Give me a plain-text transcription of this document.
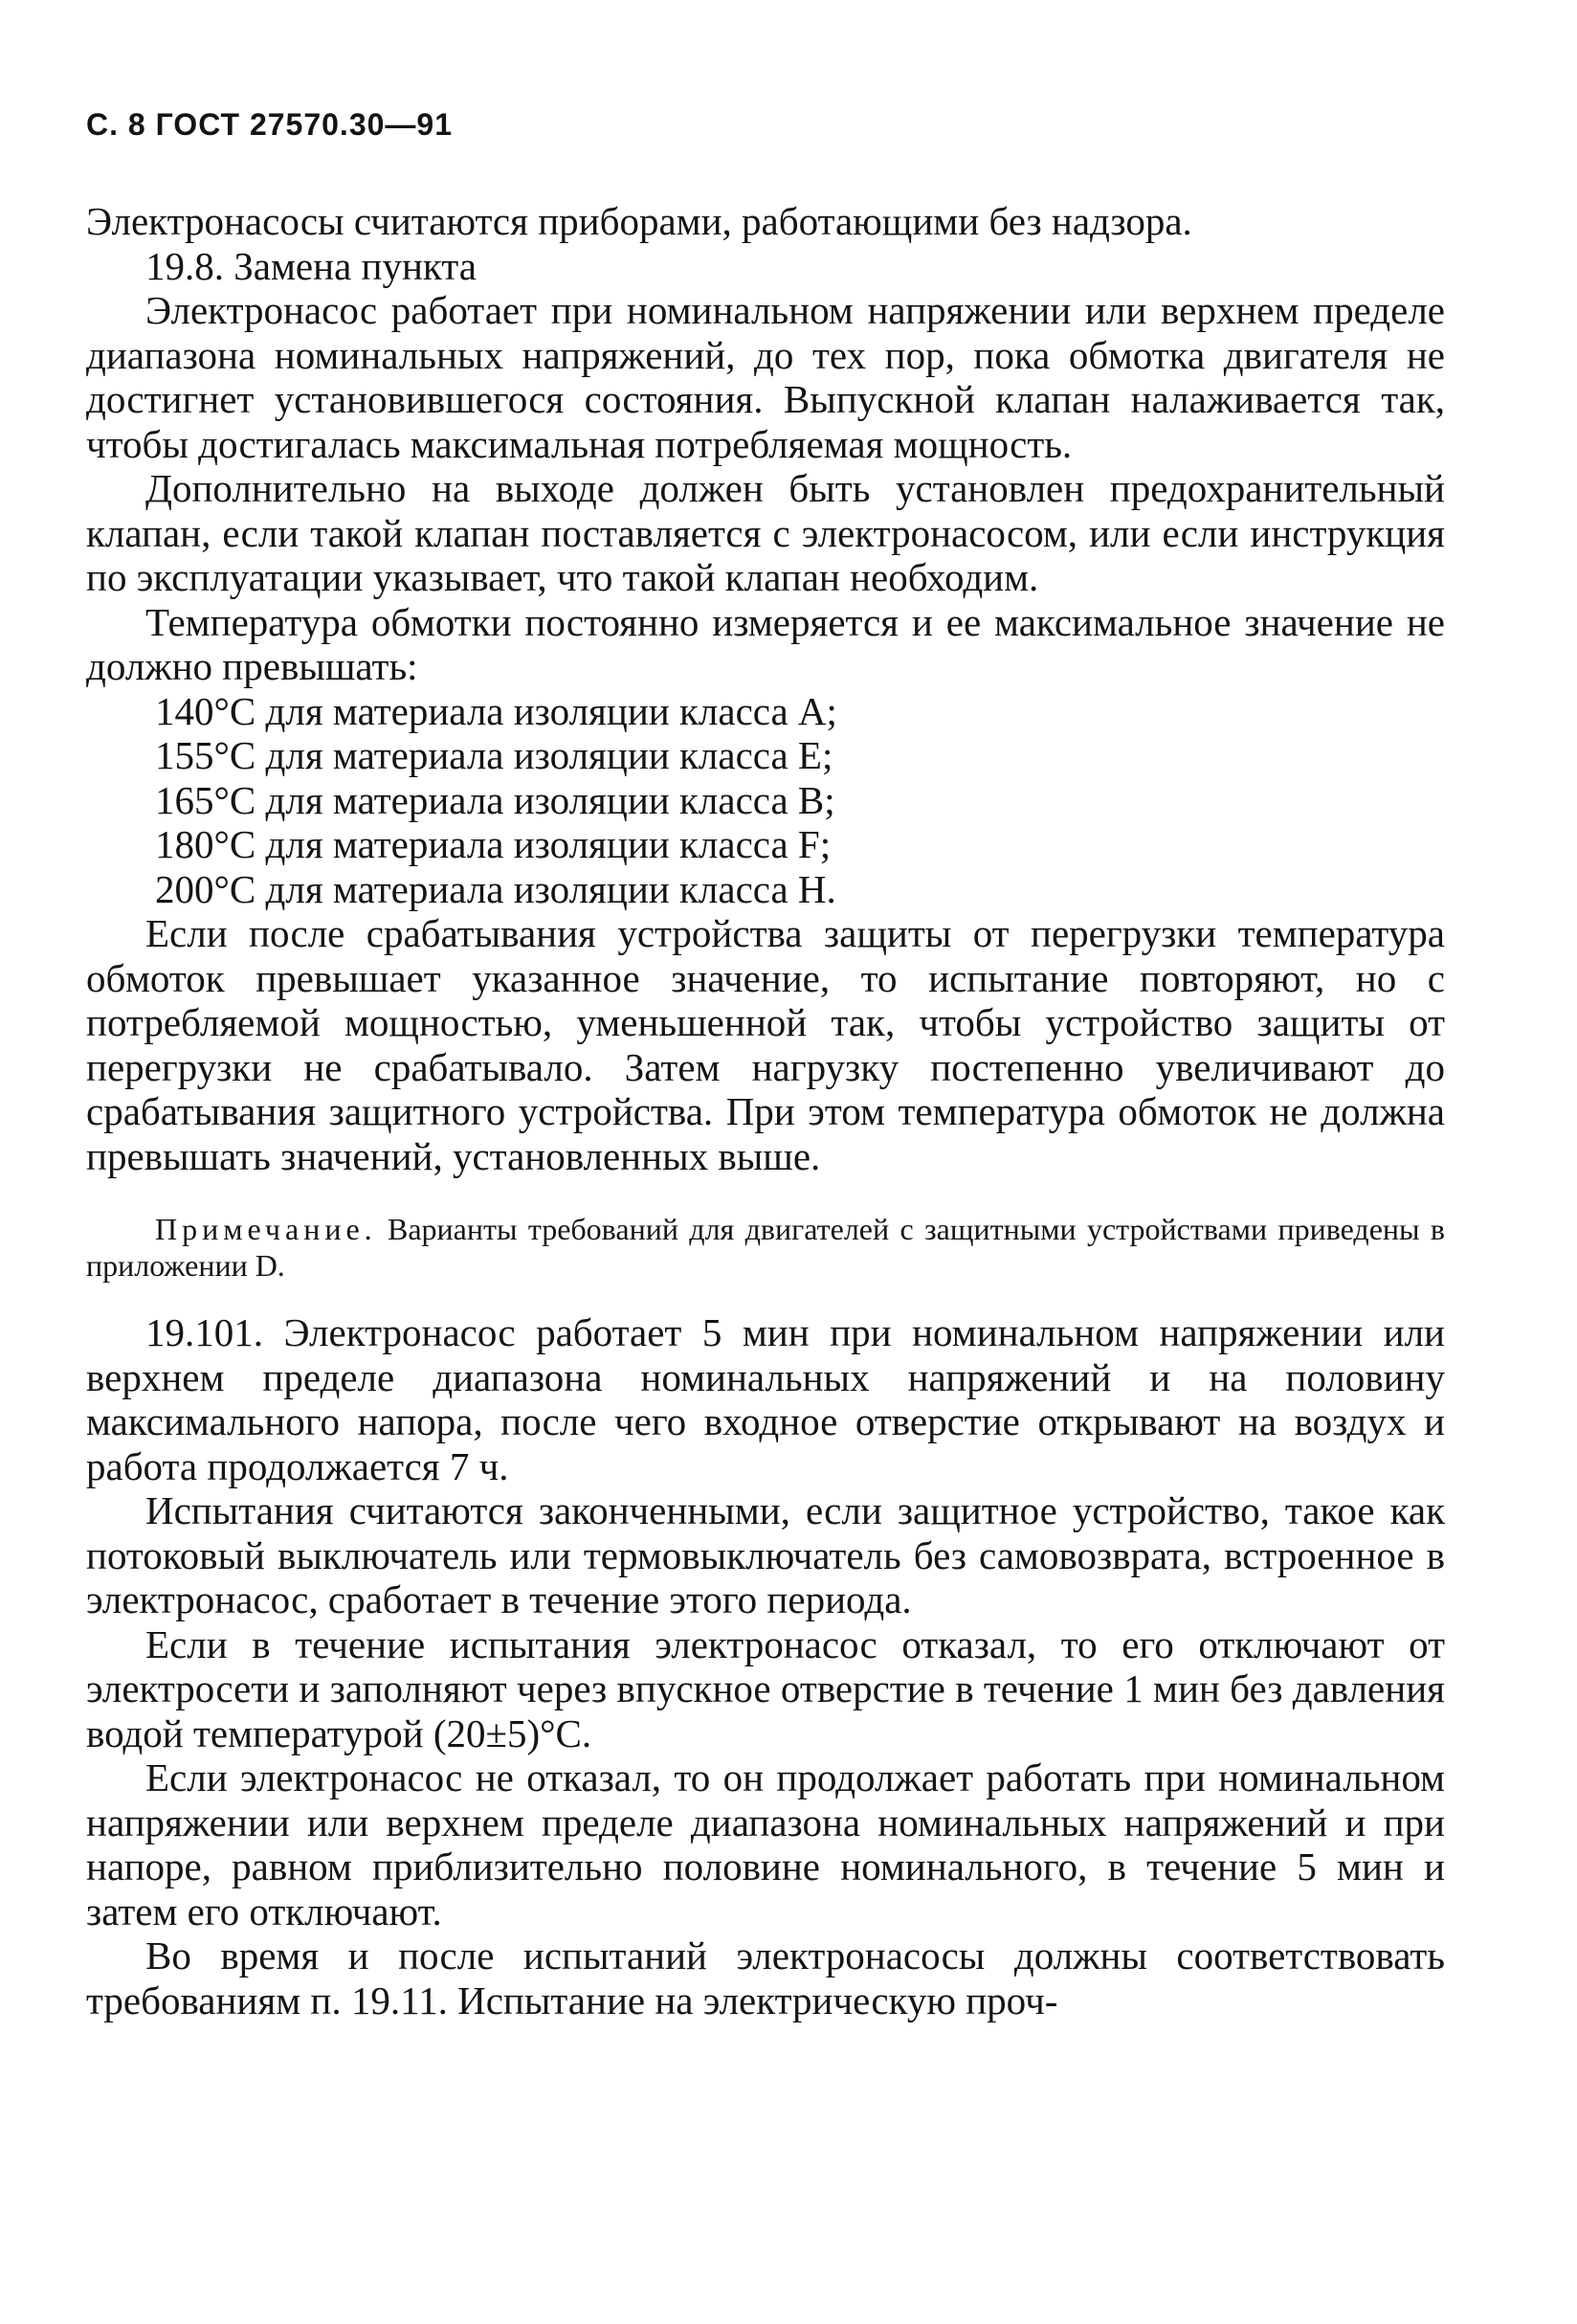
С. 8 ГОСТ 27570.30—91

Электронасосы считаются приборами, работающими без надзора.

19.8. Замена пункта

Электронасос работает при номинальном напряжении или верхнем пределе диапазона номинальных напряжений, до тех пор, пока обмотка двигателя не достигнет установившегося состояния. Выпускной клапан налаживается так, чтобы достигалась максимальная потребляемая мощность.

Дополнительно на выходе должен быть установлен предохранительный клапан, если такой клапан поставляется с электронасосом, или если инструкция по эксплуатации указывает, что такой клапан необходим.

Температура обмотки постоянно измеряется и ее максимальное значение не должно превышать:

140°С для материала изоляции класса А;
155°С для материала изоляции класса Е;
165°С для материала изоляции класса В;
180°С для материала изоляции класса F;
200°С для материала изоляции класса Н.

Если после срабатывания устройства защиты от перегрузки температура обмоток превышает указанное значение, то испытание повторяют, но с потребляемой мощностью, уменьшенной так, чтобы устройство защиты от перегрузки не срабатывало. Затем нагрузку постепенно увеличивают до срабатывания защитного устройства. При этом температура обмоток не должна превышать значений, установленных выше.

Примечание. Варианты требований для двигателей с защитными устройствами приведены в приложении D.

19.101. Электронасос работает 5 мин при номинальном напряжении или верхнем пределе диапазона номинальных напряжений и на половину максимального напора, после чего входное отверстие открывают на воздух и работа продолжается 7 ч.

Испытания считаются законченными, если защитное устройство, такое как потоковый выключатель или термовыключатель без самовозврата, встроенное в электронасос, сработает в течение этого периода.

Если в течение испытания электронасос отказал, то его отключают от электросети и заполняют через впускное отверстие в течение 1 мин без давления водой температурой (20±5)°С.

Если электронасос не отказал, то он продолжает работать при номинальном напряжении или верхнем пределе диапазона номинальных напряжений и при напоре, равном приблизительно половине номинального, в течение 5 мин и затем его отключают.

Во время и после испытаний электронасосы должны соответствовать требованиям п. 19.11. Испытание на электрическую проч-
